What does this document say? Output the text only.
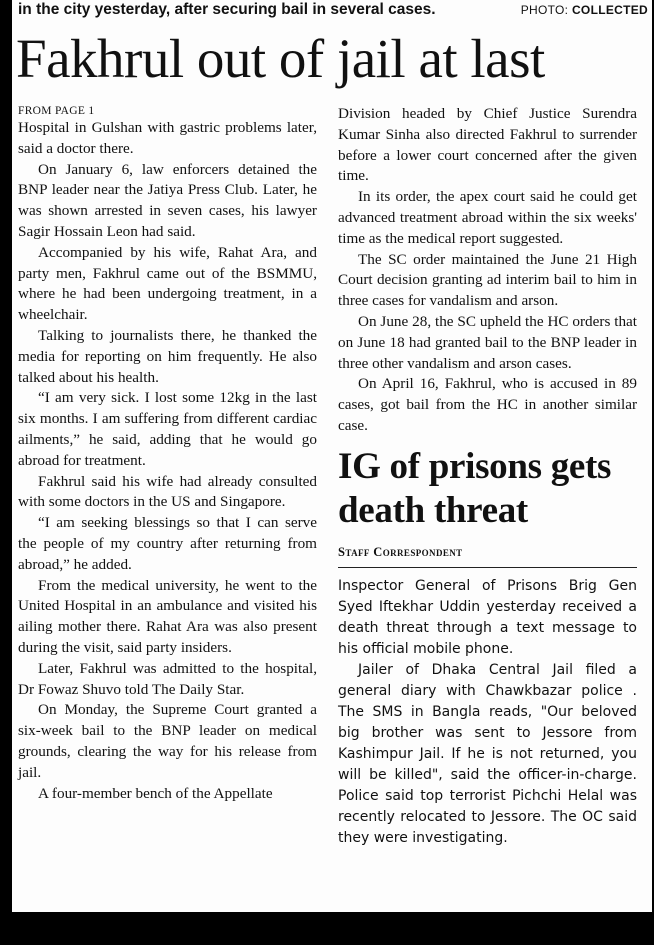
in the city yesterday, after securing bail in several cases.	PHOTO: COLLECTED
Fakhrul out of jail at last

FROM PAGE 1

Hospital in Gulshan with gastric problems later, said a doctor there.

On January 6, law enforcers detained the BNP leader near the Jatiya Press Club. Later, he was shown arrested in seven cases, his lawyer Sagir Hossain Leon had said.

Accompanied by his wife, Rahat Ara, and party men, Fakhrul came out of the BSMMU, where he had been undergoing treatment, in a wheelchair.

Talking to journalists there, he thanked the media for reporting on him frequently. He also talked about his health.

“I am very sick. I lost some 12kg in the last six months. I am suffering from different cardiac ailments,” he said, adding that he would go abroad for treatment.

Fakhrul said his wife had already consulted with some doctors in the US and Singapore.

“I am seeking blessings so that I can serve the people of my country after returning from abroad,” he added.

From the medical university, he went to the United Hospital in an ambulance and visited his ailing mother there. Rahat Ara was also present during the visit, said party insiders.

Later, Fakhrul was admitted to the hospital, Dr Fowaz Shuvo told The Daily Star.

On Monday, the Supreme Court granted a six-week bail to the BNP leader on medical grounds, clearing the way for his release from jail.

A four-member bench of the Appellate

Division headed by Chief Justice Surendra Kumar Sinha also directed Fakhrul to surrender before a lower court concerned after the given time.

In its order, the apex court said he could get advanced treatment abroad within the six weeks' time as the medical report suggested.

The SC order maintained the June 21 High Court decision granting ad interim bail to him in three cases for vandalism and arson.

On June 28, the SC upheld the HC orders that on June 18 had granted bail to the BNP leader in three other vandalism and arson cases.

On April 16, Fakhrul, who is accused in 89 cases, got bail from the HC in another similar case.

IG of prisons gets death threat
Staff Correspondent

Inspector General of Prisons Brig Gen Syed Iftekhar Uddin yesterday received a death threat through a text message to his official mobile phone.

Jailer of Dhaka Central Jail filed a general diary with Chawkbazar police . The SMS in Bangla reads, "Our beloved big brother was sent to Jessore from Kashimpur Jail. If he is not returned, you will be killed", said the officer-in-charge. Police said top terrorist Pichchi Helal was recently relocated to Jessore. The OC said they were investigating.
